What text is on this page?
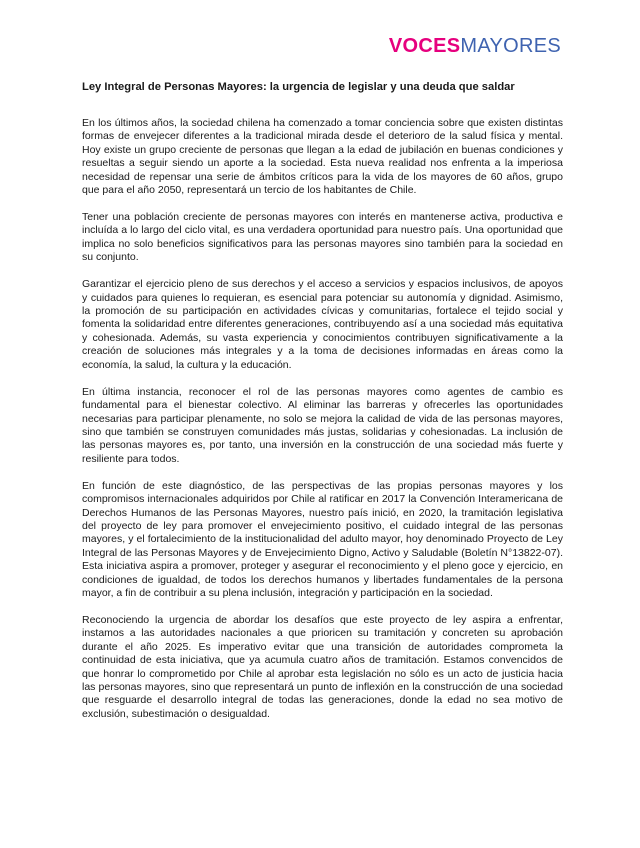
VOCESMAYORES
Ley Integral de Personas Mayores: la urgencia de legislar y una deuda que saldar

En los últimos años, la sociedad chilena ha comenzado a tomar conciencia sobre que existen distintas formas de envejecer diferentes a la tradicional mirada desde el deterioro de la salud física y mental. Hoy existe un grupo creciente de personas que llegan a la edad de jubilación en buenas condiciones y resueltas a seguir siendo un aporte a la sociedad. Esta nueva realidad nos enfrenta a la imperiosa necesidad de repensar una serie de ámbitos críticos para la vida de los mayores de 60 años, grupo que para el año 2050, representará un tercio de los habitantes de Chile.

Tener una población creciente de personas mayores con interés en mantenerse activa, productiva e incluída a lo largo del ciclo vital, es una verdadera oportunidad para nuestro país. Una oportunidad que implica no solo beneficios significativos para las personas mayores sino también para la sociedad en su conjunto.

Garantizar el ejercicio pleno de sus derechos y el acceso a servicios y espacios inclusivos, de apoyos y cuidados para quienes lo requieran, es esencial para potenciar su autonomía y dignidad. Asimismo, la promoción de su participación en actividades cívicas y comunitarias, fortalece el tejido social y fomenta la solidaridad entre diferentes generaciones, contribuyendo así a una sociedad más equitativa y cohesionada. Además, su vasta experiencia y conocimientos contribuyen significativamente a la creación de soluciones más integrales y a la toma de decisiones informadas en áreas como la economía, la salud, la cultura y la educación.

En última instancia, reconocer el rol de las personas mayores como agentes de cambio es fundamental para el bienestar colectivo. Al eliminar las barreras y ofrecerles las oportunidades necesarias para participar plenamente, no solo se mejora la calidad de vida de las personas mayores, sino que también se construyen comunidades más justas, solidarias y cohesionadas. La inclusión de las personas mayores es, por tanto, una inversión en la construcción de una sociedad más fuerte y resiliente para todos.

En función de este diagnóstico, de las perspectivas de las propias personas mayores y los compromisos internacionales adquiridos por Chile al ratificar en 2017 la Convención Interamericana de Derechos Humanos de las Personas Mayores, nuestro país inició, en 2020, la tramitación legislativa del proyecto de ley para promover el envejecimiento positivo, el cuidado integral de las personas mayores, y el fortalecimiento de la institucionalidad del adulto mayor, hoy denominado Proyecto de Ley Integral de las Personas Mayores y de Envejecimiento Digno, Activo y Saludable (Boletín N°13822-07). Esta iniciativa aspira a promover, proteger y asegurar el reconocimiento y el pleno goce y ejercicio, en condiciones de igualdad, de todos los derechos humanos y libertades fundamentales de la persona mayor, a fin de contribuir a su plena inclusión, integración y participación en la sociedad.

Reconociendo la urgencia de abordar los desafíos que este proyecto de ley aspira a enfrentar, instamos a las autoridades nacionales a que prioricen su tramitación y concreten su aprobación durante el año 2025. Es imperativo evitar que una transición de autoridades comprometa la continuidad de esta iniciativa, que ya acumula cuatro años de tramitación. Estamos convencidos de que honrar lo comprometido por Chile al aprobar esta legislación no sólo es un acto de justicia hacia las personas mayores, sino que representará un punto de inflexión en la construcción de una sociedad que resguarde el desarrollo integral de todas las generaciones, donde la edad no sea motivo de exclusión, subestimación o desigualdad.
